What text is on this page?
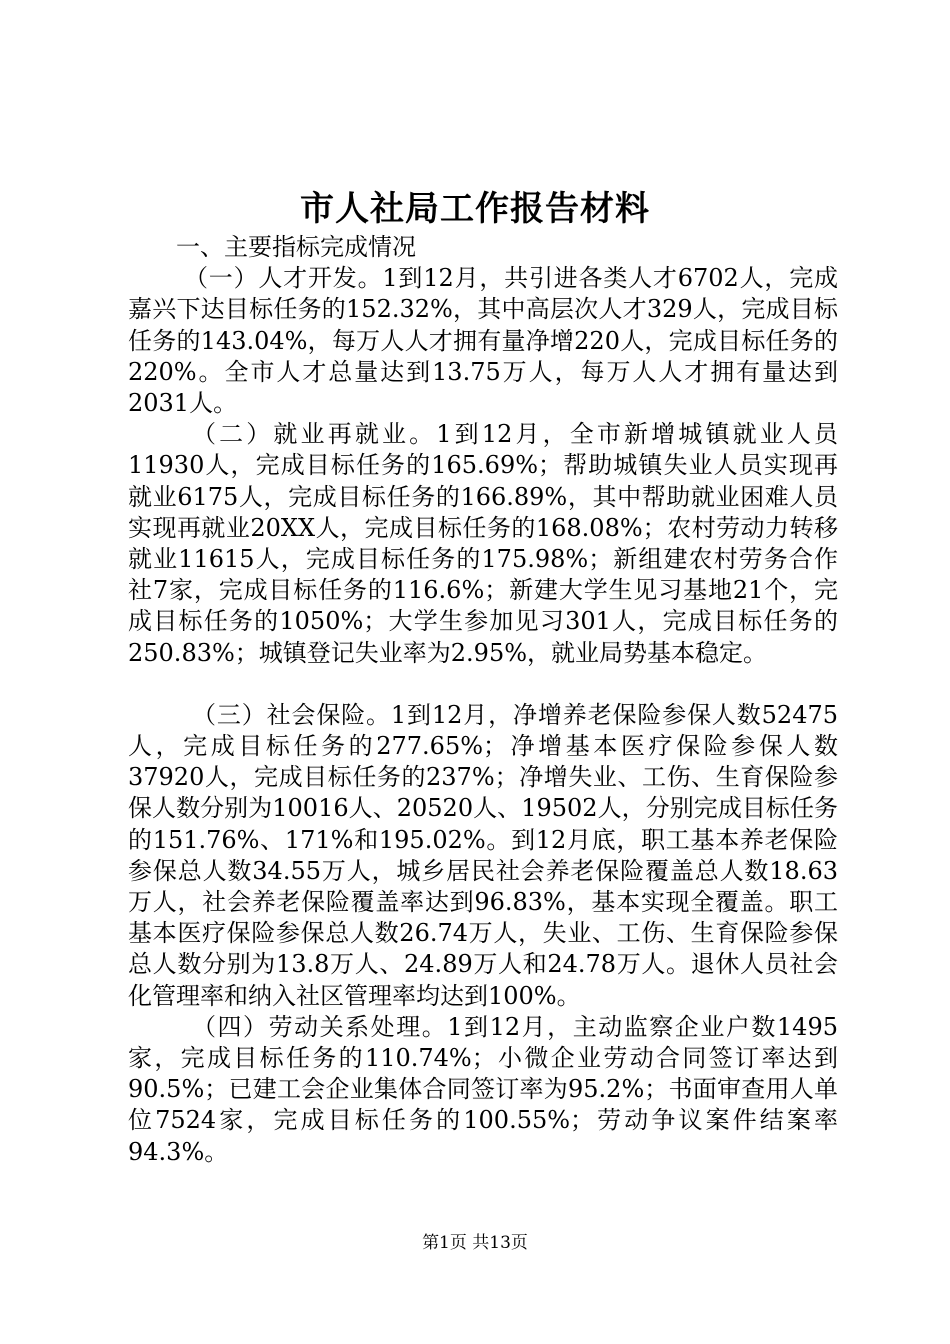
市人社局工作报告材料

一、主要指标完成情况

（一）人才开发。1到12月，共引进各类人才6702人，完成嘉兴下达目标任务的152.32%，其中高层次人才329人，完成目标任务的143.04%，每万人人才拥有量净增220人，完成目标任务的220%。全市人才总量达到13.75万人，每万人人才拥有量达到2031人。

（二）就业再就业。1到12月，全市新增城镇就业人员11930人，完成目标任务的165.69%；帮助城镇失业人员实现再就业6175人，完成目标任务的166.89%，其中帮助就业困难人员实现再就业20XX人，完成目标任务的168.08%；农村劳动力转移就业11615人，完成目标任务的175.98%；新组建农村劳务合作社7家，完成目标任务的116.6%；新建大学生见习基地21个，完成目标任务的1050%；大学生参加见习301人，完成目标任务的250.83%；城镇登记失业率为2.95%，就业局势基本稳定。

（三）社会保险。1到12月，净增养老保险参保人数52475人，完成目标任务的277.65%；净增基本医疗保险参保人数37920人，完成目标任务的237%；净增失业、工伤、生育保险参保人数分别为10016人、20520人、19502人，分别完成目标任务的151.76%、171%和195.02%。到12月底，职工基本养老保险参保总人数34.55万人，城乡居民社会养老保险覆盖总人数18.63万人，社会养老保险覆盖率达到96.83%，基本实现全覆盖。职工基本医疗保险参保总人数26.74万人，失业、工伤、生育保险参保总人数分别为13.8万人、24.89万人和24.78万人。退休人员社会化管理率和纳入社区管理率均达到100%。

（四）劳动关系处理。1到12月，主动监察企业户数1495家，完成目标任务的110.74%；小微企业劳动合同签订率达到90.5%；已建工会企业集体合同签订率为95.2%；书面审查用人单位7524家，完成目标任务的100.55%；劳动争议案件结案率94.3%。

第1页 共13页
